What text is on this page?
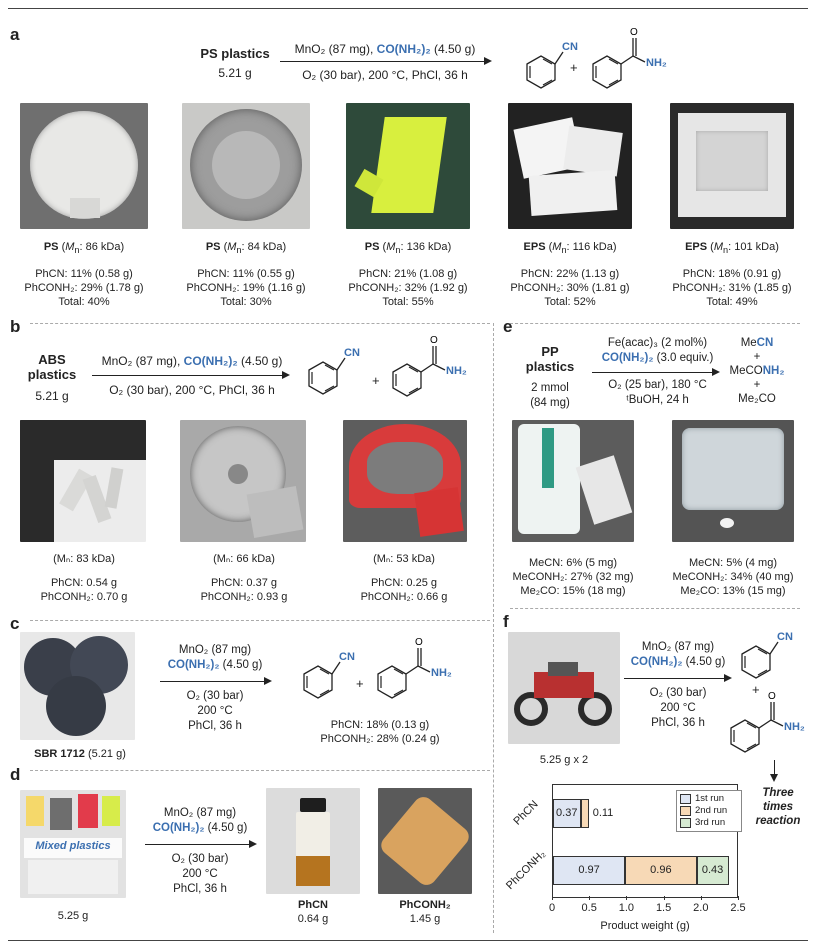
a
PS plastics
5.21 g
MnO₂ (87 mg), CO(NH₂)₂ (4.50 g)
O₂ (30 bar), 200 °C, PhCl, 36 h
CN
+
O
NH₂
PS ($M_n$: 86 kDa)
PhCN: 11% (0.58 g)
PhCONH₂: 29% (1.78 g)
Total: 40%
PS ($M_n$: 84 kDa)
PhCN: 11% (0.55 g)
PhCONH₂: 19% (1.16 g)
Total: 30%
PS ($M_n$: 136 kDa)
PhCN: 21% (1.08 g)
PhCONH₂: 32% (1.92 g)
Total: 55%
EPS ($M_n$: 116 kDa)
PhCN: 22% (1.13 g)
PhCONH₂: 30% (1.81 g)
Total: 52%
EPS ($M_n$: 101 kDa)
PhCN: 18% (0.91 g)
PhCONH₂: 31% (1.85 g)
Total: 49%
b
ABS
plastics
5.21 g
MnO₂ (87 mg), CO(NH₂)₂ (4.50 g)
O₂ (30 bar), 200 °C, PhCl, 36 h
CN
+
O
NH₂
(Mₙ: 83 kDa)
PhCN: 0.54 g
PhCONH₂: 0.70 g
(Mₙ: 66 kDa)
PhCN: 0.37 g
PhCONH₂: 0.93 g
(Mₙ: 53 kDa)
PhCN: 0.25 g
PhCONH₂: 0.66 g
c
SBR 1712 (5.21 g)
MnO₂ (87 mg)
CO(NH₂)₂ (4.50 g)
O₂ (30 bar)
200 °C
PhCl, 36 h
CN
+
O
NH₂
PhCN: 18% (0.13 g)
PhCONH₂: 28% (0.24 g)
d
Mixed plastics
5.25 g
MnO₂ (87 mg)
CO(NH₂)₂ (4.50 g)
O₂ (30 bar)
200 °C
PhCl, 36 h
PhCN
0.64 g
PhCONH₂
1.45 g
e
PP
plastics
2 mmol
(84 mg)
Fe(acac)₃ (2 mol%)
CO(NH₂)₂ (3.0 equiv.)
O₂ (25 bar), 180 °C
ᵗBuOH, 24 h
MeCN
+
MeCONH₂
+
Me₂CO
MeCN: 6% (5 mg)
MeCONH₂: 27% (32 mg)
Me₂CO: 15% (18 mg)
MeCN: 5% (4 mg)
MeCONH₂: 34% (40 mg)
Me₂CO: 13% (15 mg)
f
5.25 g x 2
MnO₂ (87 mg)
CO(NH₂)₂ (4.50 g)
O₂ (30 bar)
200 °C
PhCl, 36 h
CN
+ O
NH₂
Three
times
reaction
0.37 0.11
0.97	0.96	0.43
1st run
2nd run
3rd run
Product weight (g)
0	0.5	1.0	1.5	2.0	2.5
PhCN
PhCONH₂
